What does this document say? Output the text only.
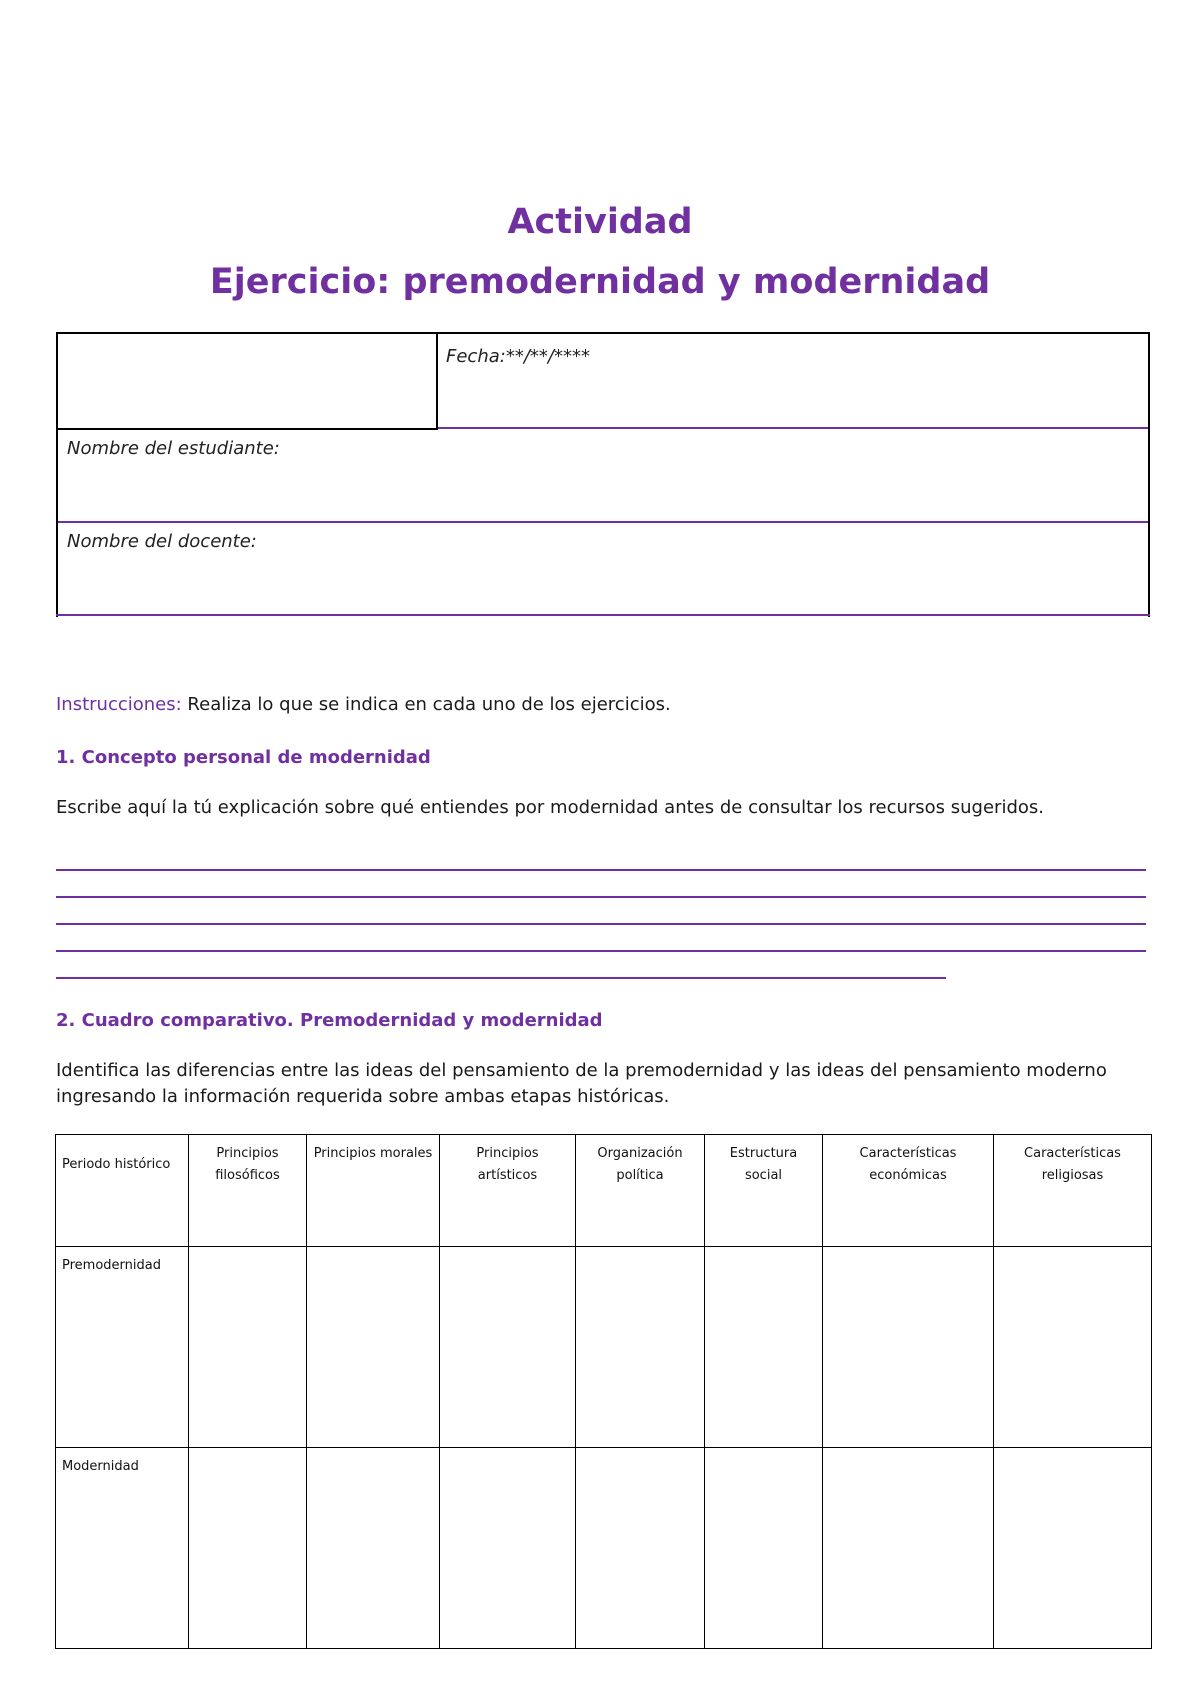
Actividad
Ejercicio: premodernidad y modernidad
Fecha:**/**/****
Nombre del estudiante:
Nombre del docente:
Instrucciones: Realiza lo que se indica en cada uno de los ejercicios.
1. Concepto personal de modernidad
Escribe aquí la tú explicación sobre qué entiendes por modernidad antes de consultar los recursos sugeridos.
2. Cuadro comparativo. Premodernidad y modernidad
Identifica las diferencias entre las ideas del pensamiento de la premodernidad y las ideas del pensamiento moderno
ingresando la información requerida sobre ambas etapas históricas.
Periodo histórico	Principios filosóficos	Principios morales	Principios artísticos	Organización política	Estructura social	Características económicas	Características religiosas
Premodernidad							
Modernidad							
